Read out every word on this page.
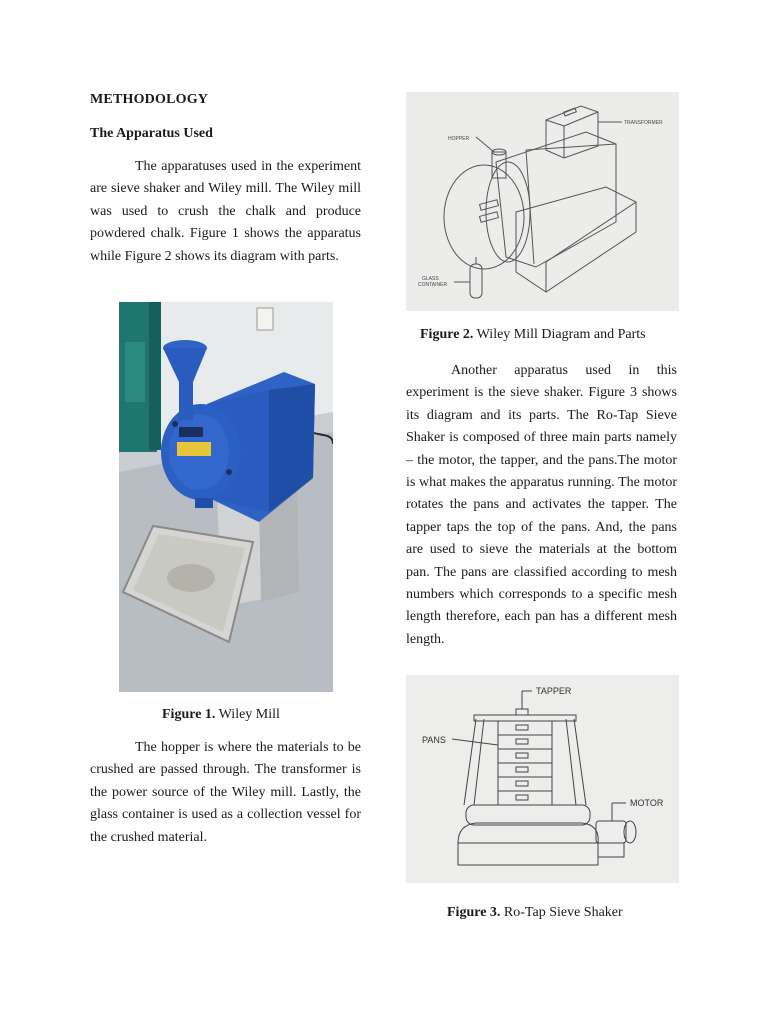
METHODOLOGY
The Apparatus Used
The apparatuses used in the experiment are sieve shaker and Wiley mill. The Wiley mill was used to crush the chalk and produce powdered chalk. Figure 1 shows the apparatus while Figure 2 shows its diagram with parts.
Figure 1. Wiley Mill
The hopper is where the materials to be crushed are passed through. The transformer is the power source of the Wiley mill. Lastly, the glass container is used as a collection vessel for the crushed material.
HOPPER
TRANSFORMER
GLASS
CONTAINER
Figure 2. Wiley Mill Diagram and Parts
Another apparatus used in this experiment is the sieve shaker. Figure 3 shows its diagram and its parts. The Ro-Tap Sieve Shaker is composed of three main parts namely – the motor, the tapper, and the pans.The motor is what makes the apparatus running. The motor rotates the pans and activates the tapper. The tapper taps the top of the pans. And, the pans are used to sieve the materials at the bottom pan. The pans are classified according to mesh numbers which corresponds to a specific mesh length therefore, each pan has a different mesh length.
TAPPER
PANS
MOTOR
Figure 3. Ro-Tap Sieve Shaker
